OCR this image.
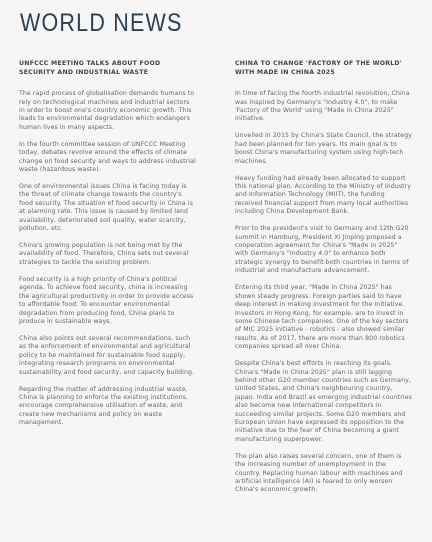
WORLD NEWS
UNFCCC MEETING TALKS ABOUT FOOD SECURITY AND INDUSTRIAL WASTE

The rapid process of globalisation demands humans to rely on technological machines and industrial sectors in order to boost one's country economic growth. This leads to environmental degradation which endangers human lives in many aspects.

In the fourth committee session of UNFCCC Meeting today, debates revolve around the effects of climate change on food security and ways to address industrial waste (hazardous waste).

One of environmental issues China is facing today is the threat of climate change towards the country's food security. The situation of food security in China is at alarming rate. This issue is caused by limited land availability, deteriorated soil quality, water scarcity, pollution, etc.

China's growing population is not being met by the availability of food. Therefore, China sets out several strategies to tackle the existing problem.

Food security is a high priority of China's political agenda. To achieve food security, china is increasing the agricultural productivity in order to provide access to affordable food. To encounter environmental degradation from producing food, China plans to produce in sustainable ways.

China also points out several recommendations, such as the enforcement of environmental and agricultural policy to be maintained for sustainable food supply, integrating research programs on environmental sustainability and food security, and capacity building.

Regarding the matter of addressing industrial waste, China is planning to enforce the existing institutions, encourage comprehensive utilisation of waste, and create new mechanisms and policy on waste management.

CHINA TO CHANGE 'FACTORY OF THE WORLD' WITH MADE IN CHINA 2025

In time of facing the fourth industrial revolution, China was inspired by Germany's "Industry 4.0", to make 'Factory of the World' using "Made in China 2025" initiative.

Unveiled in 2015 by China's State Council, the strategy had been planned for ten years. Its main goal is to boost China's manufacturing system using high-tech machines.

Heavy funding had already been allocated to support this national plan. According to the Ministry of Industry and Information Technology (MIIT), the funding received financial support from many local authorities including China Development Bank.

Prior to the president's visit to Germany and 12th G20 summit in Hamburg, President Xi Jinping proposed a cooperation agreement for China's "Made in 2025" with Germany's "Industry 4.0" to enhance both strategic synergy to benefit both countries in terms of industrial and manufacture advancement.

Entering its third year, "Made in China 2025" has shown steady progress. Foreign parties said to have deep interest in making investment for the initiative. Investors in Hong Kong, for example, are to invest in some Chinese tech companies. One of the key sectors of MIC 2025 initiative - robotics - also showed similar results. As of 2017, there are more than 800 robotics companies spread all over China.

Despite China's best efforts in reaching its goals, China's "Made in China 2025" plan is still lagging behind other G20 member countries such as Germany, United States, and China's neighbouring country, Japan. India and Brazil as emerging industrial countries also become new international competitors in succeeding similar projects. Some G20 members and European Union have expressed its opposition to the initiative due to the fear of China becoming a giant manufacturing superpower.

The plan also raises several concern, one of them is the increasing number of unemployment in the country. Replacing human labour with machines and artificial intelligence (AI) is feared to only worsen China's economic growth.
